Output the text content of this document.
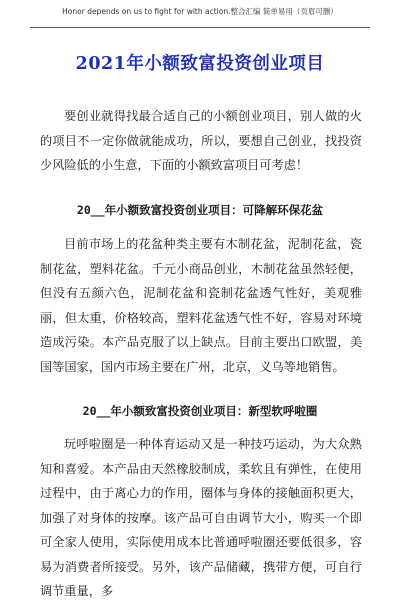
Honor depends on us to fight for with action.整合汇编 简单易用（页眉可删）
2021年小额致富投资创业项目

要创业就得找最合适自己的小额创业项目，别人做的火的项目不一定你做就能成功，所以，要想自己创业，找投资少风险低的小生意，下面的小额致富项目可考虑！

20__年小额致富投资创业项目：可降解环保花盆

目前市场上的花盆种类主要有木制花盆，泥制花盆，瓷制花盆，塑料花盆。千元小商品创业，木制花盆虽然轻便，但没有五颜六色，泥制花盆和瓷制花盆透气性好，美观雅丽，但太重，价格较高，塑料花盆透气性不好，容易对环境造成污染。本产品克服了以上缺点。目前主要出口欧盟，美国等国家，国内市场主要在广州，北京，义乌等地销售。

20__年小额致富投资创业项目：新型软呼啦圈

玩呼啦圈是一种体育运动又是一种技巧运动，为大众熟知和喜爱。本产品由天然橡胶制成，柔软且有弹性，在使用过程中，由于离心力的作用，圈体与身体的接触面积更大，加强了对身体的按摩。该产品可自由调节大小，购买一个即可全家人使用，实际使用成本比普通呼啦圈还要低很多，容易为消费者所接受。另外，该产品储藏，携带方便，可自行调节重量，多
